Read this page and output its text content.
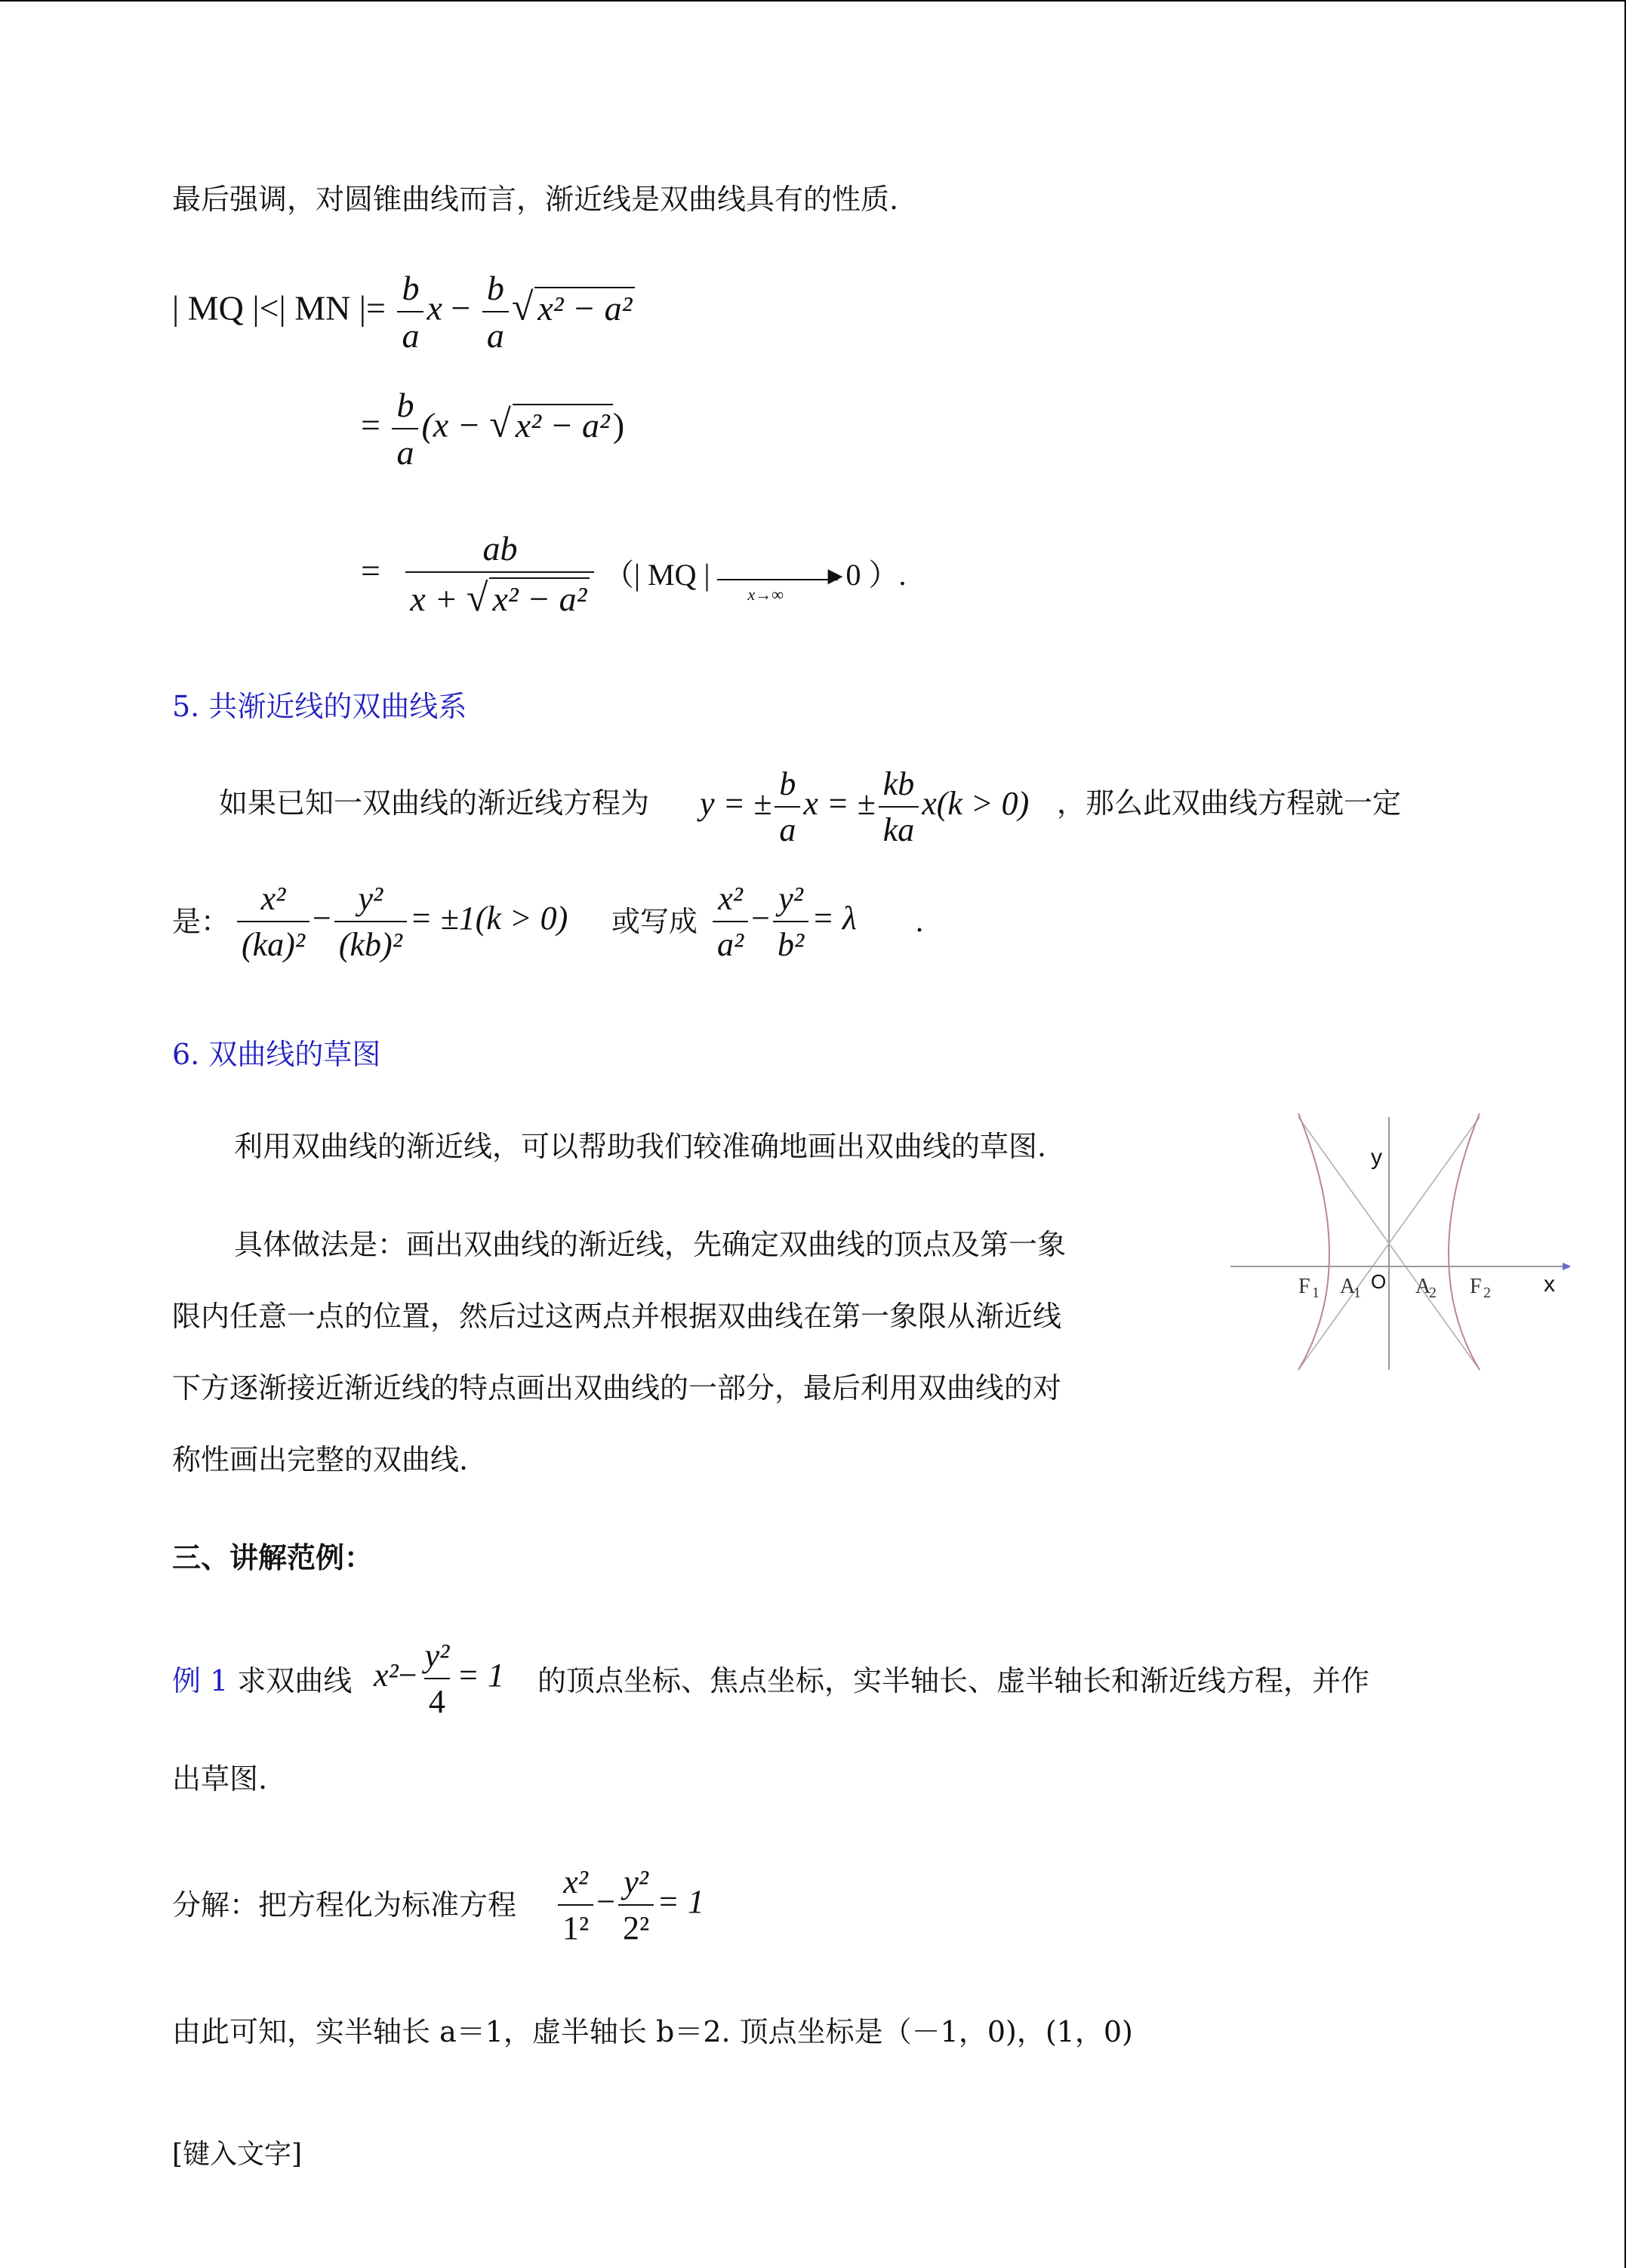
最后强调，对圆锥曲线而言，渐近线是双曲线具有的性质.
| MQ |<| MN |= $\frac{b}{a}$ $x - \frac{b}{a}$ √ x² − a²
= $\frac{b}{a} (x$ − √ x² − a²)
= $\frac{ab}{\text{x + √ x² − a²}}$
（| MQ |	▶
x→∞
0 ）.
5. 共渐近线的双曲线系
如果已知一双曲线的渐近线方程为 y = ± $\frac{b}{a}$ x = ± $\frac{kb}{ka} x(k > 0)$ ，那么此双曲线方程就一定
是： $\frac{\text{x²}}{\text{(ka)²}} - \frac{\text{y²}}{\text{(kb)²}} = \pm 1(k > 0)$ 或写成 $\frac{\text{x²}}{\text{a²}} - \frac{\text{y²}}{\text{b²}} = \lambda$ .
6. 双曲线的草图
利用双曲线的渐近线，可以帮助我们较准确地画出双曲线的草图.
具体做法是：画出双曲线的渐近线，先确定双曲线的顶点及第一象
限内任意一点的位置，然后过这两点并根据双曲线在第一象限从渐近线
下方逐渐接近渐近线的特点画出双曲线的一部分，最后利用双曲线的对
称性画出完整的双曲线.
y
x
O
F 1 A
1	A
2 F 2
三、讲解范例：
例 1 求双曲线 $x^2- \frac{\text{y²}}{4} = 1$ 的顶点坐标、焦点坐标，实半轴长、虚半轴长和渐近线方程，并作
出草图.
分解：把方程化为标准方程 $\frac{\text{x²}}{\text{1²}} - \frac{\text{y²}}{\text{2²}} = 1$
由此可知，实半轴长 a＝1，虚半轴长 b＝2. 顶点坐标是（－1，0)，(1，0)
[键入文字]
